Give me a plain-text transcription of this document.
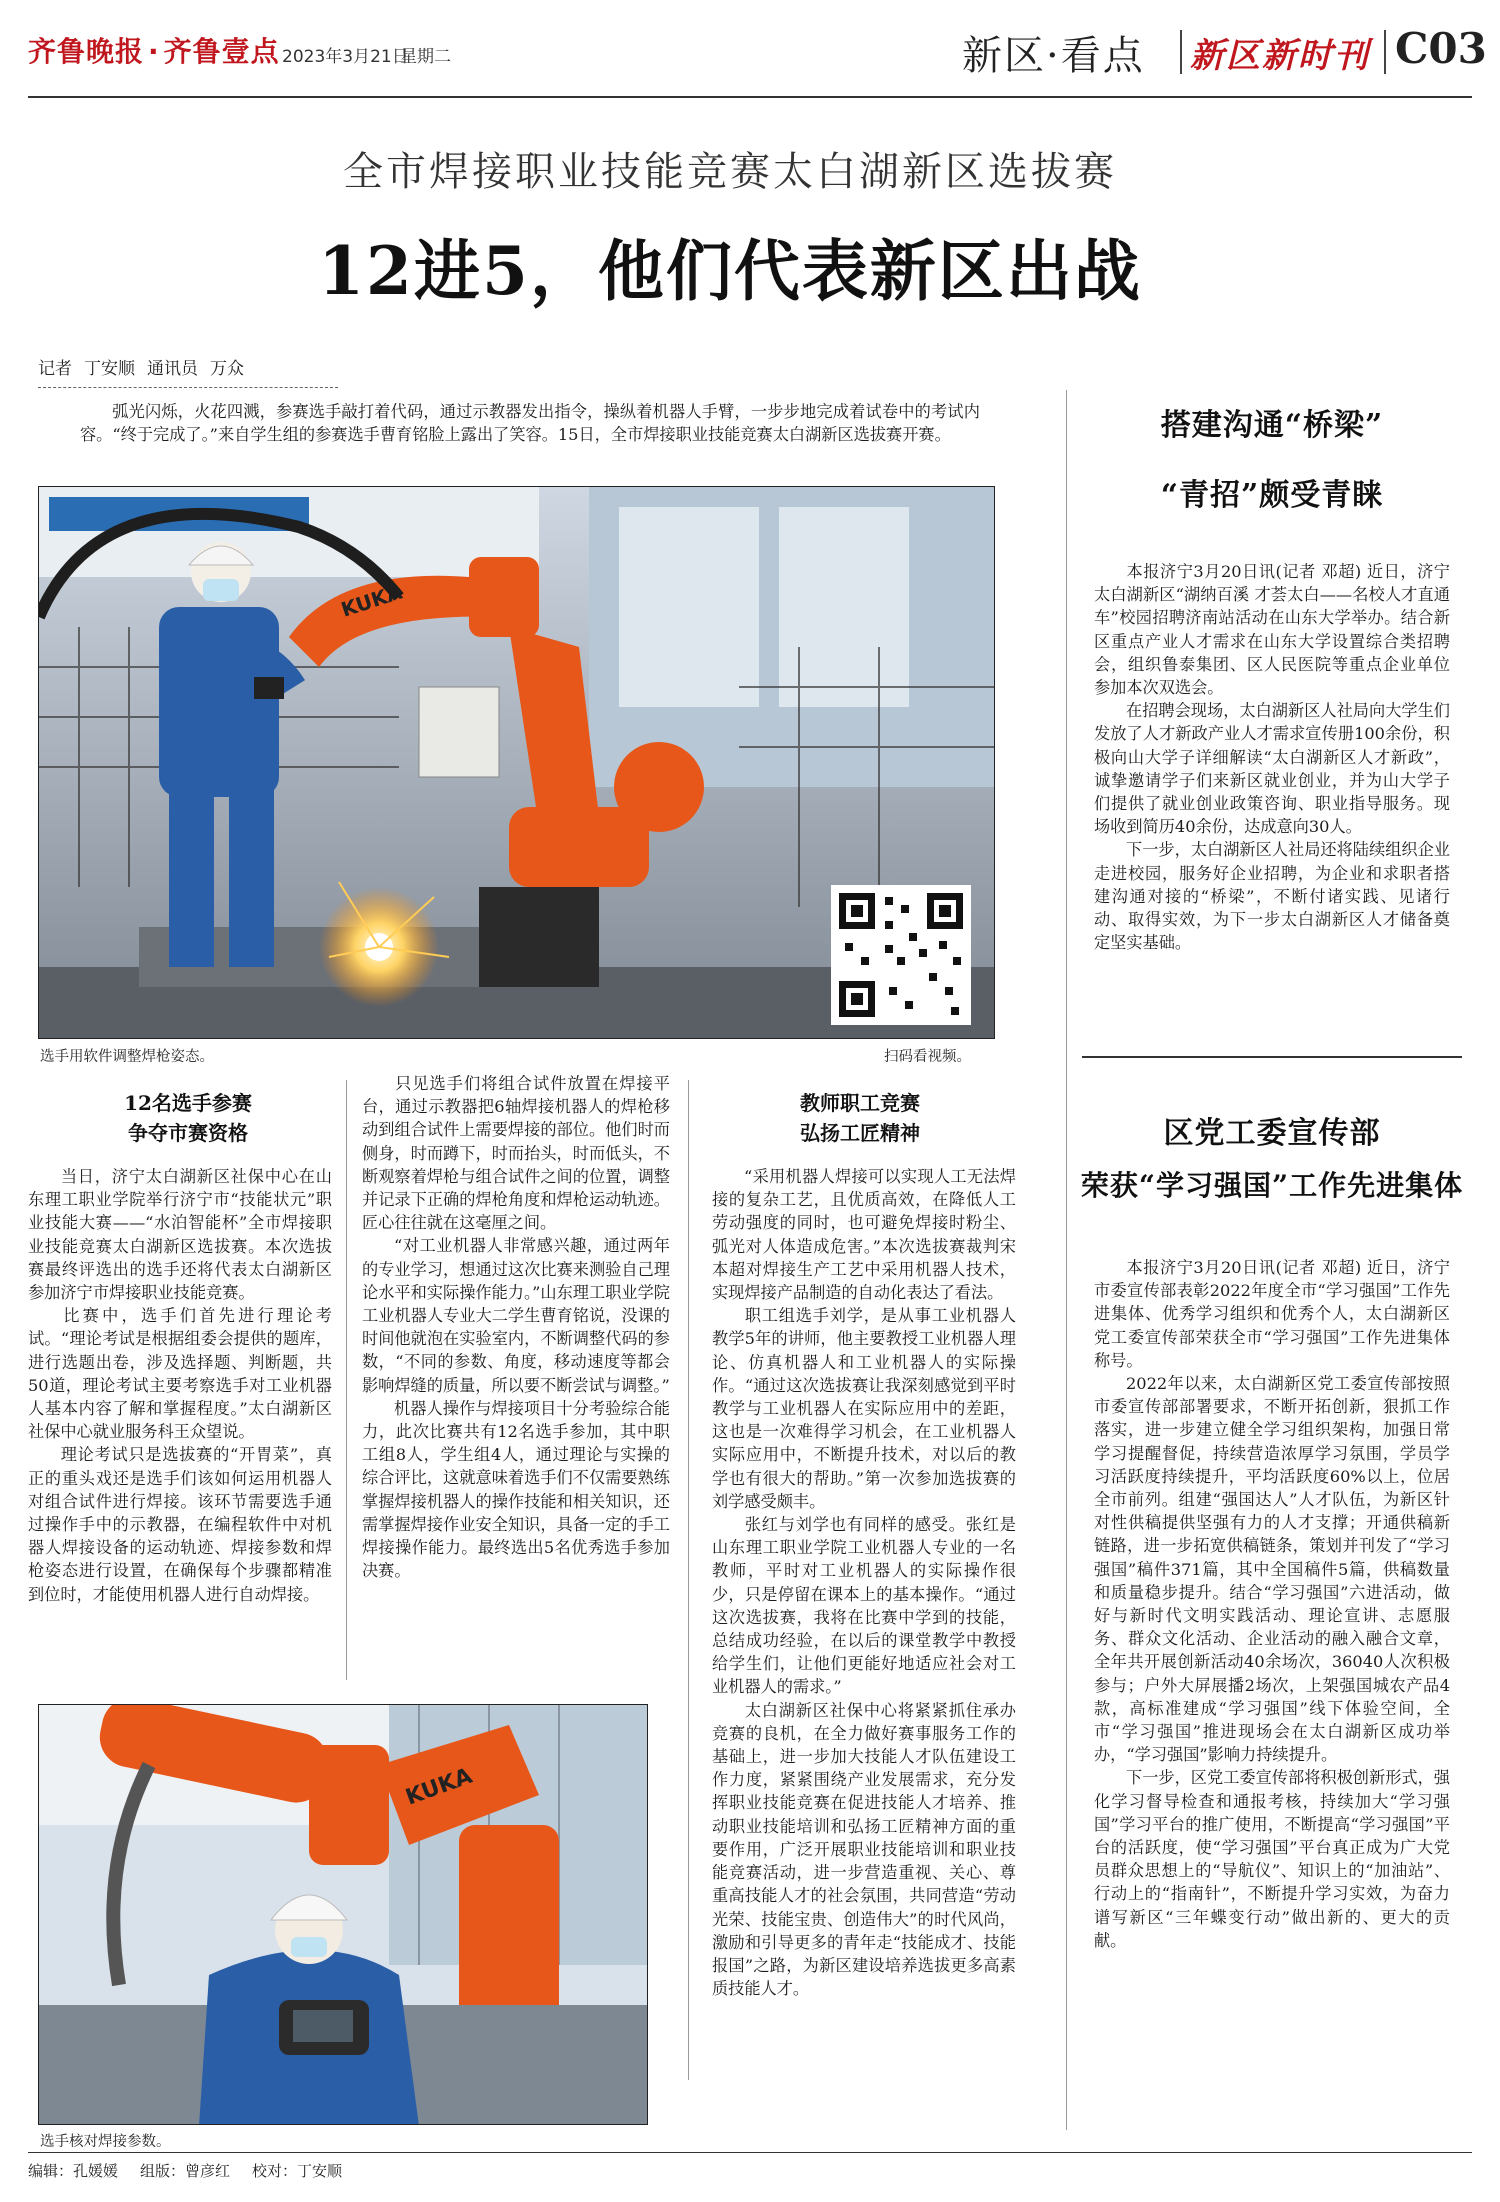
齐鲁晚报 · 齐鲁壹点 2023年3月21日
星期二	新区·看点 新区新时刊 C03
全市焊接职业技能竞赛太白湖新区选拔赛
12进5，他们代表新区出战
记者 丁安顺 通讯员 万众
弧光闪烁，火花四溅，参赛选手敲打着代码，通过示教器发出指令，操纵着机器人手臂，一步步地完成着试卷中的考试内容。“终于完成了。”来自学生组的参赛选手曹育铭脸上露出了笑容。15日，全市焊接职业技能竞赛太白湖新区选拔赛开赛。
KUKA
选手用软件调整焊枪姿态。	扫码看视频。
12名选手参赛
争夺市赛资格

当日，济宁太白湖新区社保中心在山东理工职业学院举行济宁市“技能状元”职业技能大赛——“水泊智能杯”全市焊接职业技能竞赛太白湖新区选拔赛。本次选拔赛最终评选出的选手还将代表太白湖新区参加济宁市焊接职业技能竞赛。

比赛中，选手们首先进行理论考试。“理论考试是根据组委会提供的题库，进行选题出卷，涉及选择题、判断题，共50道，理论考试主要考察选手对工业机器人基本内容了解和掌握程度。”太白湖新区社保中心就业服务科王众望说。

理论考试只是选拔赛的“开胃菜”，真正的重头戏还是选手们该如何运用机器人对组合试件进行焊接。该环节需要选手通过操作手中的示教器，在编程软件中对机器人焊接设备的运动轨迹、焊接参数和焊枪姿态进行设置，在确保每个步骤都精准到位时，才能使用机器人进行自动焊接。

只见选手们将组合试件放置在焊接平台，通过示教器把6轴焊接机器人的焊枪移动到组合试件上需要焊接的部位。他们时而侧身，时而蹲下，时而抬头，时而低头，不断观察着焊枪与组合试件之间的位置，调整并记录下正确的焊枪角度和焊枪运动轨迹。匠心往往就在这毫厘之间。

“对工业机器人非常感兴趣，通过两年的专业学习，想通过这次比赛来测验自己理论水平和实际操作能力。”山东理工职业学院工业机器人专业大二学生曹育铭说，没课的时间他就泡在实验室内，不断调整代码的参数，“不同的参数、角度，移动速度等都会影响焊缝的质量，所以要不断尝试与调整。”

机器人操作与焊接项目十分考验综合能力，此次比赛共有12名选手参加，其中职工组8人，学生组4人，通过理论与实操的综合评比，这就意味着选手们不仅需要熟练掌握焊接机器人的操作技能和相关知识，还需掌握焊接作业安全知识，具备一定的手工焊接操作能力。最终选出5名优秀选手参加决赛。

教师职工竞赛
弘扬工匠精神

“采用机器人焊接可以实现人工无法焊接的复杂工艺，且优质高效，在降低人工劳动强度的同时，也可避免焊接时粉尘、弧光对人体造成危害。”本次选拔赛裁判宋本超对焊接生产工艺中采用机器人技术，实现焊接产品制造的自动化表达了看法。

职工组选手刘学，是从事工业机器人教学5年的讲师，他主要教授工业机器人理论、仿真机器人和工业机器人的实际操作。“通过这次选拔赛让我深刻感觉到平时教学与工业机器人在实际应用中的差距，这也是一次难得学习机会，在工业机器人实际应用中，不断提升技术，对以后的教学也有很大的帮助。”第一次参加选拔赛的刘学感受颇丰。

张红与刘学也有同样的感受。张红是山东理工职业学院工业机器人专业的一名教师，平时对工业机器人的实际操作很少，只是停留在课本上的基本操作。“通过这次选拔赛，我将在比赛中学到的技能，总结成功经验，在以后的课堂教学中教授给学生们，让他们更能好地适应社会对工业机器人的需求。”

太白湖新区社保中心将紧紧抓住承办竞赛的良机，在全力做好赛事服务工作的基础上，进一步加大技能人才队伍建设工作力度，紧紧围绕产业发展需求，充分发挥职业技能竞赛在促进技能人才培养、推动职业技能培训和弘扬工匠精神方面的重要作用，广泛开展职业技能培训和职业技能竞赛活动，进一步营造重视、关心、尊重高技能人才的社会氛围，共同营造“劳动光荣、技能宝贵、创造伟大”的时代风尚，激励和引导更多的青年走“技能成才、技能报国”之路，为新区建设培养选拔更多高素质技能人才。

KUKA
选手核对焊接参数。
搭建沟通“桥梁”
“青招”颇受青睐

本报济宁3月20日讯(记者 邓超) 近日，济宁太白湖新区“湖纳百溪 才荟太白——名校人才直通车”校园招聘济南站活动在山东大学举办。结合新区重点产业人才需求在山东大学设置综合类招聘会，组织鲁泰集团、区人民医院等重点企业单位参加本次双选会。

在招聘会现场，太白湖新区人社局向大学生们发放了人才新政产业人才需求宣传册100余份，积极向山大学子详细解读“太白湖新区人才新政”，诚挚邀请学子们来新区就业创业，并为山大学子们提供了就业创业政策咨询、职业指导服务。现场收到简历40余份，达成意向30人。

下一步，太白湖新区人社局还将陆续组织企业走进校园，服务好企业招聘，为企业和求职者搭建沟通对接的“桥梁”，不断付诸实践、见诸行动、取得实效，为下一步太白湖新区人才储备奠定坚实基础。

区党工委宣传部
荣获“学习强国”工作先进集体

本报济宁3月20日讯(记者 邓超) 近日，济宁市委宣传部表彰2022年度全市“学习强国”工作先进集体、优秀学习组织和优秀个人，太白湖新区党工委宣传部荣获全市“学习强国”工作先进集体称号。

2022年以来，太白湖新区党工委宣传部按照市委宣传部部署要求，不断开拓创新，狠抓工作落实，进一步建立健全学习组织架构，加强日常学习提醒督促，持续营造浓厚学习氛围，学员学习活跃度持续提升，平均活跃度60%以上，位居全市前列。组建“强国达人”人才队伍，为新区针对性供稿提供坚强有力的人才支撑；开通供稿新链路，进一步拓宽供稿链条，策划并刊发了“学习强国”稿件371篇，其中全国稿件5篇，供稿数量和质量稳步提升。结合“学习强国”六进活动，做好与新时代文明实践活动、理论宣讲、志愿服务、群众文化活动、企业活动的融入融合文章，全年共开展创新活动40余场次，36040人次积极参与；户外大屏展播2场次，上架强国城农产品4款，高标准建成“学习强国”线下体验空间，全市“学习强国”推进现场会在太白湖新区成功举办，“学习强国”影响力持续提升。

下一步，区党工委宣传部将积极创新形式，强化学习督导检查和通报考核，持续加大“学习强国”学习平台的推广使用，不断提高“学习强国”平台的活跃度，使“学习强国”平台真正成为广大党员群众思想上的“导航仪”、知识上的“加油站”、行动上的“指南针”，不断提升学习实效，为奋力谱写新区“三年蝶变行动”做出新的、更大的贡献。

编辑：孔媛媛 组版：曾彦红 校对：丁安顺
